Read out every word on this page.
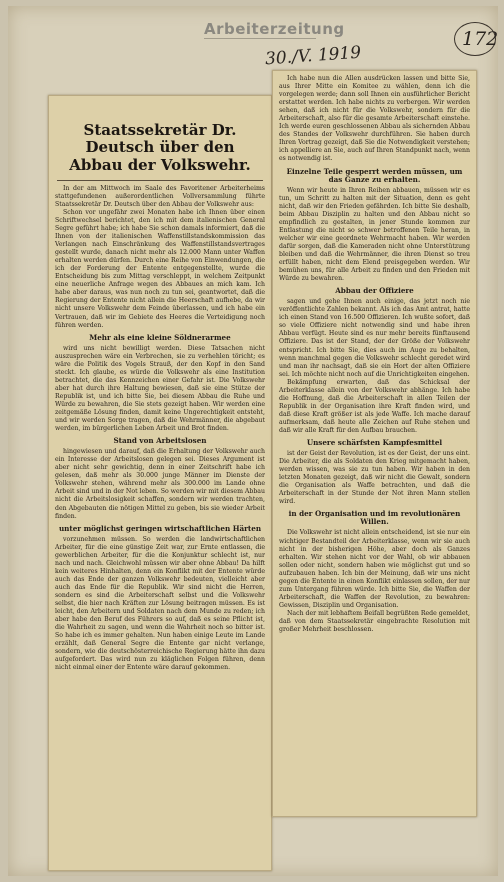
Arbeiterzeitung
30./V. 1919
172
Staatssekretär Dr. Deutsch über den Abbau der Volkswehr.

In der am Mittwoch im Saale des Favoritener Arbeiterheims stattgefundenen außerordentlichen Vollversammlung führte Staatssekretär Dr. Deutsch über den Abbau der Volkswehr aus:

Schon vor ungefähr zwei Monaten habe ich Ihnen über einen Schriftwechsel berichtet, den ich mit dem italienischen General Segre geführt habe; ich habe Sie schon damals informiert, daß die Ihnen von der italienischen Waffenstillstandskommission das Verlangen nach Einschränkung des Waffenstillstandsvertrages gestellt wurde, danach nicht mehr als 12.000 Mann unter Waffen erhalten werden dürfen. Durch eine Reihe von Einwendungen, die ich der Forderung der Entente entgegenstellte, wurde die Entscheidung bis zum Mittag verschleppt, in welchem Zeitpunkt eine neuerliche Anfrage wegen des Abbaues an mich kam. Ich habe aber daraus, was nun noch zu tun sei, geantwortet, daß die Regierung der Entente nicht allein die Heerschaft aufhebe, da wir nicht unsere Volkswehr dem Feinde überlassen, und ich habe ein Vertrauen, daß wir im Gebiete des Heeres die Verteidigung noch führen werden.

Mehr als eine kleine Söldnerarmee

wird uns nicht bewilligt werden. Diese Tatsachen nicht auszusprechen wäre ein Verbrechen, sie zu verhehlen töricht; es wäre die Politik des Vogels Strauß, der den Kopf in den Sand steckt. Ich glaube, es würde die Volkswehr als eine Institution betrachtet, die das Kennzeichen einer Gefahr ist. Die Volkswehr aber hat durch ihre Haltung bewiesen, daß sie eine Stütze der Republik ist, und ich bitte Sie, bei diesem Abbau die Ruhe und Würde zu bewahren, die Sie stets gezeigt haben. Wir werden eine zeitgemäße Lösung finden, damit keine Ungerechtigkeit entsteht, und wir werden Sorge tragen, daß die Wehrmänner, die abgebaut werden, im bürgerlichen Leben Arbeit und Brot finden.

Stand von Arbeitslosen

hingewiesen und darauf, daß die Erhaltung der Volkswehr auch ein Interesse der Arbeitslosen gelegen sei. Dieses Argument ist aber nicht sehr gewichtig, denn in einer Zeitschrift habe ich gelesen, daß mehr als 30.000 junge Männer im Dienste der Volkswehr stehen, während mehr als 300.000 im Lande ohne Arbeit sind und in der Not leben. So werden wir mit diesem Abbau nicht die Arbeitslosigkeit schaffen, sondern wir werden trachten, den Abgebauten die nötigen Mittel zu geben, bis sie wieder Arbeit finden.

unter möglichst geringen wirtschaftlichen Härten

vorzunehmen müssen. So werden die landwirtschaftlichen Arbeiter, für die eine günstige Zeit war, zur Ernte entlassen, die gewerblichen Arbeiter, für die die Konjunktur schlecht ist, nur nach und nach. Gleichwohl müssen wir aber ohne Abbau! Da hilft kein weiteres Hinhalten, denn ein Konflikt mit der Entente würde auch das Ende der ganzen Volkswehr bedeuten, vielleicht aber auch das Ende für die Republik. Wir sind nicht die Herren, sondern es sind die Arbeiterschaft selbst und die Volkswehr selbst, die hier nach Kräften zur Lösung beitragen müssen. Es ist leicht, den Arbeitern und Soldaten nach dem Munde zu reden; ich aber habe den Beruf des Führers so auf, daß es seine Pflicht ist, die Wahrheit zu sagen, und wenn die Wahrheit noch so bitter ist. So habe ich es immer gehalten. Nun haben einige Leute im Lande erzählt, daß General Segre die Entente gar nicht verlange, sondern, wie die deutschösterreichische Regierung hätte ihn dazu aufgefordert. Das wird nun zu kläglichen Folgen führen, denn nicht einmal einer der Entente wäre darauf gekommen.

Ich habe nun die Allen ausdrücken lassen und bitte Sie, aus Ihrer Mitte ein Komitee zu wählen, denn ich die vorgelegen werde; dann soll Ihnen ein ausführlicher Bericht erstattet werden. Ich habe nichts zu verbergen. Wir werden sehen, daß ich nicht für die Volkswehr, sondern für die Arbeiterschaft, also für die gesamte Arbeiterschaft einstehe. Ich werde euren geschlossenen Abbau als sichernden Abbau des Standes der Volkswehr durchführen. Sie haben durch Ihren Vortrag gezeigt, daß Sie die Notwendigkeit verstehen; ich appelliere an Sie, auch auf Ihren Standpunkt nach, wenn es notwendig ist.

Einzelne Teile gesperrt werden müssen, um das Ganze zu erhalten.

Wenn wir heute in Ihren Reihen abbauen, müssen wir es tun, um Schritt zu halten mit der Situation, denn es geht nicht, daß wir den Frieden gefährden. Ich bitte Sie deshalb, beim Abbau Disziplin zu halten und den Abbau nicht so empfindlich zu gestalten, in jener Stunde kommen zur Entlastung die nicht so schwer betroffenen Teile heran, in welcher wir eine geordnete Wehrmacht haben. Wir werden dafür sorgen, daß die Kameraden nicht ohne Unterstützung bleiben und daß die Wehrmänner, die ihren Dienst so treu erfüllt haben, nicht dem Elend preisgegeben werden. Wir bemühen uns, für alle Arbeit zu finden und den Frieden mit Würde zu bewahren.

Abbau der Offiziere

sagen und gehe Ihnen auch einige, das jetzt noch nie veröffentlichte Zahlen bekannt. Als ich das Amt antrat, hatte ich einen Stand von 16.500 Offizieren. Ich wußte sofort, daß so viele Offiziere nicht notwendig sind und habe ihren Abbau verfügt. Heute sind es nur mehr bereits fünftausend Offiziere. Das ist der Stand, der der Größe der Volkswehr entspricht. Ich bitte Sie, dies auch im Auge zu behalten, wenn manchmal gegen die Volkswehr schlecht geredet wird und man ihr nachsagt, daß sie ein Hort der alten Offiziere sei. Ich möchte nicht noch auf die Unrichtigkeiten eingehen.

Bekämpfung erwarten, daß das Schicksal der Arbeiterklasse allein von der Volkswehr abhänge. Ich habe die Hoffnung, daß die Arbeiterschaft in allen Teilen der Republik in der Organisation ihre Kraft finden wird, und daß diese Kraft größer ist als jede Waffe. Ich mache darauf aufmerksam, daß heute alle Zeichen auf Ruhe stehen und daß wir alle Kraft für den Aufbau brauchen.

Unsere schärfsten Kampfesmittel

ist der Geist der Revolution, ist es der Geist, der uns eint. Die Arbeiter, die als Soldaten den Krieg mitgemacht haben, werden wissen, was sie zu tun haben. Wir haben in den letzten Monaten gezeigt, daß wir nicht die Gewalt, sondern die Organisation als Waffe betrachten, und daß die Arbeiterschaft in der Stunde der Not ihren Mann stellen wird.

in der Organisation und im revolutionären Willen.

Die Volkswehr ist nicht allein entscheidend, ist sie nur ein wichtiger Bestandteil der Arbeiterklasse, wenn wir sie auch nicht in der bisherigen Höhe, aber doch als Ganzes erhalten. Wir stehen nicht vor der Wahl, ob wir abbauen sollen oder nicht, sondern haben wie möglichst gut und so aufzubauen haben. Ich bin der Meinung, daß wir uns nicht gegen die Entente in einen Konflikt einlassen sollen, der nur zum Untergang führen würde. Ich bitte Sie, die Waffen der Arbeiterschaft, die Waffen der Revolution, zu bewahren: Gewissen, Disziplin und Organisation.

Nach der mit lebhaftem Beifall begrüßten Rede gemeldet, daß von dem Staatssekretär eingebrachte Resolution mit großer Mehrheit beschlossen.
